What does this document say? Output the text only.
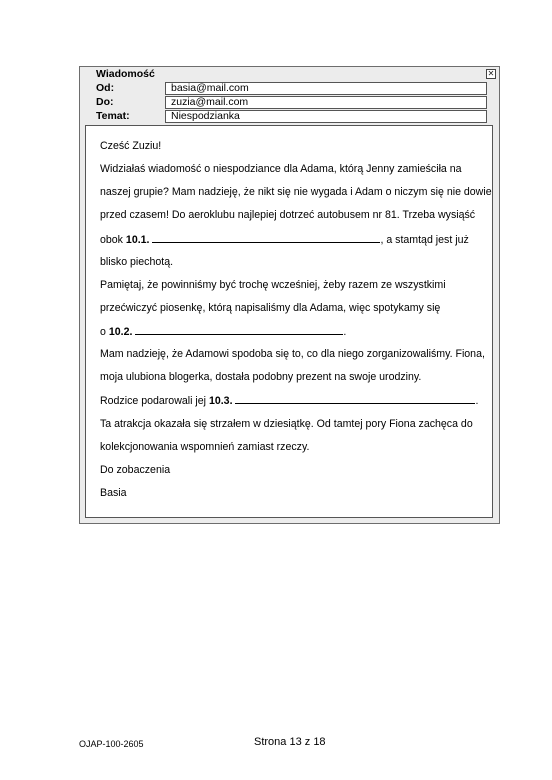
Wiadomość	✕
Od:	basia@mail.com
Do:	zuzia@mail.com
Temat:	Niespodzianka
Cześć Zuziu!
Widziałaś wiadomość o niespodziance dla Adama, którą Jenny zamieściła na
naszej grupie? Mam nadzieję, że nikt się nie wygada i Adam o niczym się nie dowie
przed czasem! Do aeroklubu najlepiej dotrzeć autobusem nr 81. Trzeba wysiąść
obok 10.1.	, a stamtąd jest już
blisko piechotą.
Pamiętaj, że powinniśmy być trochę wcześniej, żeby razem ze wszystkimi
przećwiczyć piosenkę, którą napisaliśmy dla Adama, więc spotykamy się
o 10.2.	.
Mam nadzieję, że Adamowi spodoba się to, co dla niego zorganizowaliśmy. Fiona,
moja ulubiona blogerka, dostała podobny prezent na swoje urodziny.
Rodzice podarowali jej 10.3.	.
Ta atrakcja okazała się strzałem w dziesiątkę. Od tamtej pory Fiona zachęca do
kolekcjonowania wspomnień zamiast rzeczy.
Do zobaczenia
Basia
OJAP-100-2605	Strona 13 z 18
